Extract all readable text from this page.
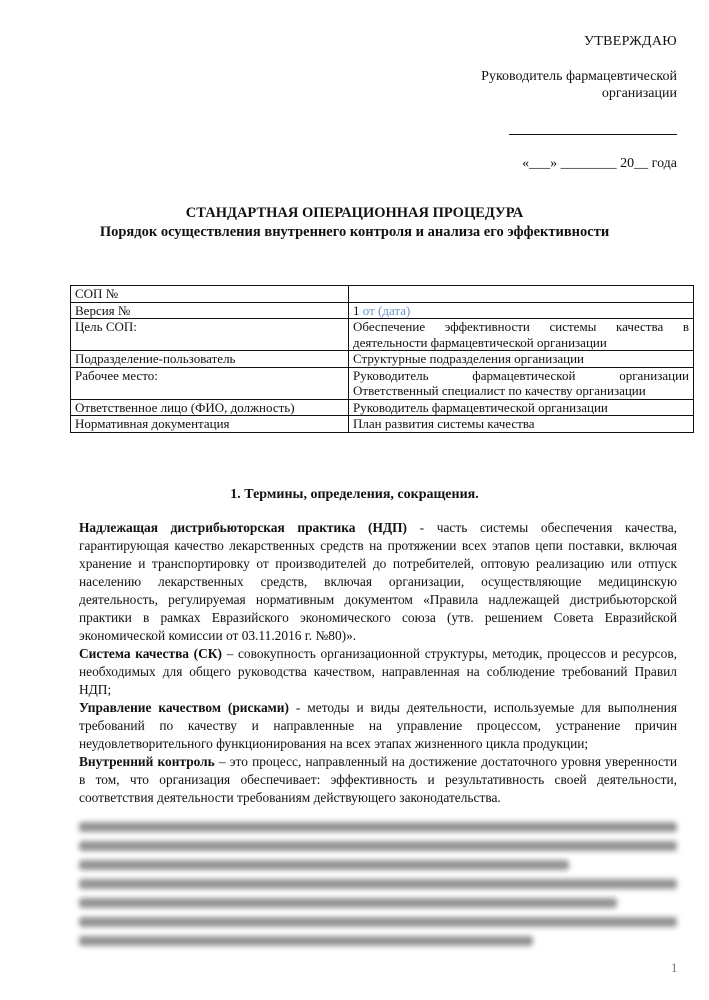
УТВЕРЖДАЮ
Руководитель фармацевтической
организации
«___» ________ 20__ года
СТАНДАРТНАЯ ОПЕРАЦИОННАЯ ПРОЦЕДУРА
Порядок осуществления внутреннего контроля и анализа его эффективности
СОП №	
Версия №	1 от (дата)
Цель СОП:	Обеспечение эффективности системы качества в деятельности фармацевтической организации
Подразделение-пользователь	Структурные подразделения организации
Рабочее место:	Руководитель фармацевтической организации Ответственный специалист по качеству организации
Ответственное лицо (ФИО, должность)	Руководитель фармацевтической организации
Нормативная документация	План развития системы качества
1. Термины, определения, сокращения.

Надлежащая дистрибьюторская практика (НДП) - часть системы обеспечения качества, гарантирующая качество лекарственных средств на протяжении всех этапов цепи поставки, включая хранение и транспортировку от производителей до потребителей, оптовую реализацию или отпуск населению лекарственных средств, включая организации, осуществляющие медицинскую деятельность, регулируемая нормативным документом «Правила надлежащей дистрибьюторской практики в рамках Евразийского экономического союза (утв. решением Совета Евразийской экономической комиссии от 03.11.2016 г. №80)».

Система качества (СК) – совокупность организационной структуры, методик, процессов и ресурсов, необходимых для общего руководства качеством, направленная на соблюдение требований Правил НДП;

Управление качеством (рисками) - методы и виды деятельности, используемые для выполнения требований по качеству и направленные на управление процессом, устранение причин неудовлетворительного функционирования на всех этапах жизненного цикла продукции;

Внутренний контроль – это процесс, направленный на достижение достаточного уровня уверенности в том, что организация обеспечивает: эффективность и результативность своей деятельности, соответствия деятельности требованиям действующего законодательства.

1
